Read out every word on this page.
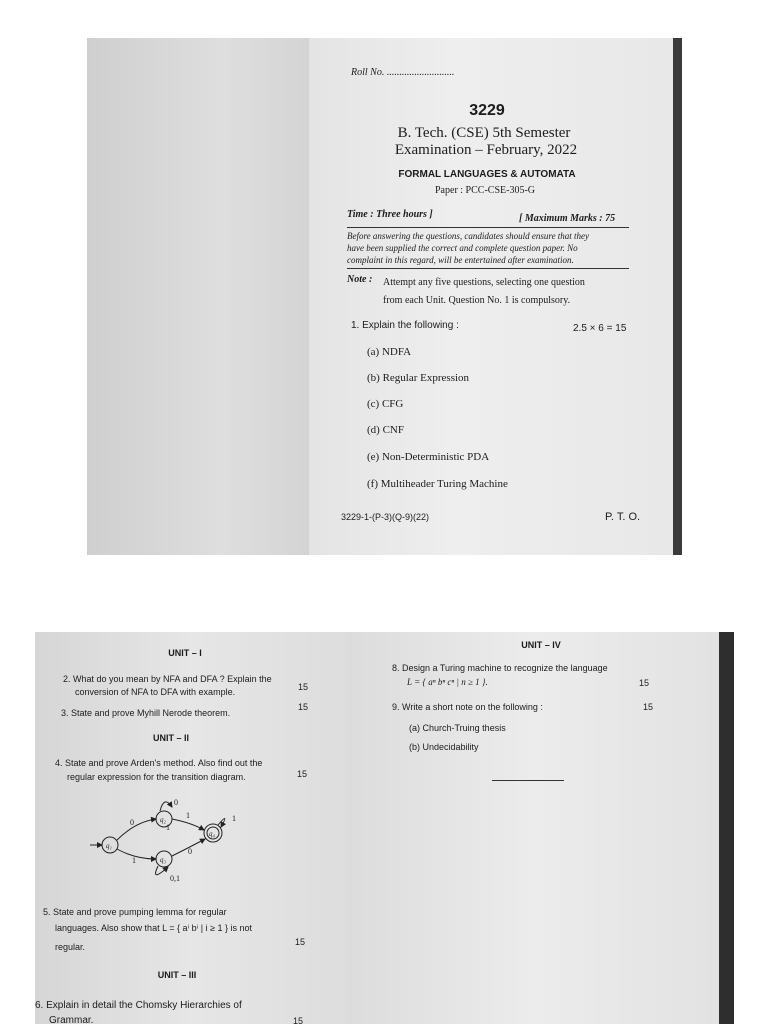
Roll No. ...........................
3229
B. Tech. (CSE) 5th Semester
Examination – February, 2022
FORMAL LANGUAGES & AUTOMATA
Paper : PCC-CSE-305-G
Time : Three hours ]	[ Maximum Marks : 75
Before answering the questions, candidates should ensure that they
have been supplied the correct and complete question paper. No
complaint in this regard, will be entertained after examination.
Note : Attempt any five questions, selecting one question
from each Unit. Question No. 1 is compulsory.
1. Explain the following :	2.5 × 6 = 15
(a) NDFA
(b) Regular Expression
(c) CFG
(d) CNF
(e) Non-Deterministic PDA
(f) Multiheader Turing Machine
3229-1-(P-3)(Q-9)(22)	P. T. O.
UNIT – I
2. What do you mean by NFA and DFA ? Explain the
conversion of NFA to DFA with example.	15
3. State and prove Myhill Nerode theorem.
15
UNIT – II
4. State and prove Arden's method. Also find out the
regular expression for the transition diagram.	15
q₁
q₂
q₃
q₄
0
0
1
0
1
1
0,1
1
5. State and prove pumping lemma for regular
languages. Also show that L = { aⁱ bⁱ | i ≥ 1 } is not
regular.	15
UNIT – III
6. Explain in detail the Chomsky Hierarchies of
Grammar.	15
UNIT – IV
8. Design a Turing machine to recognize the language
L = { aⁿ bⁿ cⁿ | n ≥ 1 }.	15
9. Write a short note on the following :	15
(a) Church-Truing thesis
(b) Undecidability
